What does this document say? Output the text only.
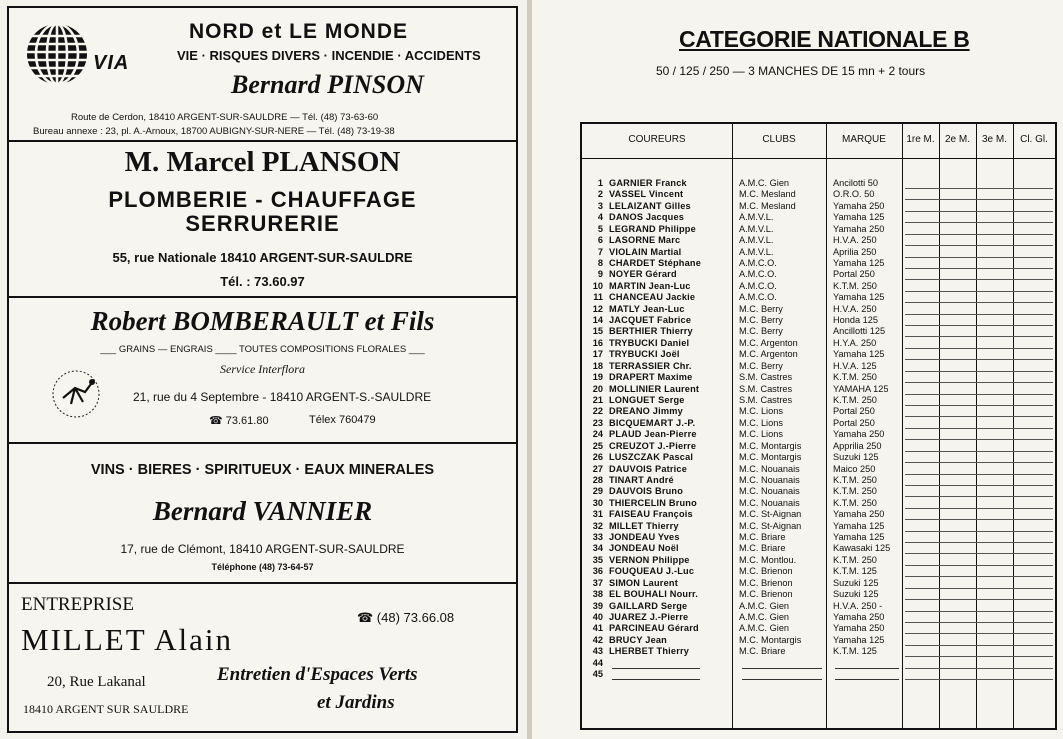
VIA
NORD et LE MONDE
VIE · RISQUES DIVERS · INCENDIE · ACCIDENTS
Bernard PINSON
Route de Cerdon, 18410 ARGENT-SUR-SAULDRE — Tél. (48) 73-63-60
Bureau annexe : 23, pl. A.-Arnoux, 18700 AUBIGNY-SUR-NERE — Tél. (48) 73-19-38
M. Marcel PLANSON
PLOMBERIE - CHAUFFAGE
SERRURERIE
55, rue Nationale 18410 ARGENT-SUR-SAULDRE
Tél. : 73.60.97
Robert BOMBERAULT et Fils
___ GRAINS — ENGRAIS ____ TOUTES COMPOSITIONS FLORALES ___
Service Interflora
21, rue du 4 Septembre - 18410 ARGENT-S.-SAULDRE
☎ 73.61.80	Télex 760479
VINS · BIERES · SPIRITUEUX · EAUX MINERALES
Bernard VANNIER
17, rue de Clémont, 18410 ARGENT-SUR-SAULDRE
Téléphone (48) 73-64-57
ENTREPRISE
☎ (48) 73.66.08
MILLET Alain
Entretien d'Espaces Verts
et Jardins
20, Rue Lakanal
18410 ARGENT SUR SAULDRE
CATEGORIE NATIONALE B
50 / 125 / 250 — 3 MANCHES DE 15 mn + 2 tours
COUREURS	CLUBS	MARQUE	1re M.	2e M.	3e M.	Cl. Gl.
1 GARNIER Franck	A.M.C. Gien	Ancilotti 50
2 VASSEL Vincent	M.C. Mesland	O.R.O. 50
3 LELAIZANT Gilles	M.C. Mesland	Yamaha 250
4 DANOS Jacques	A.M.V.L.	Yamaha 125
5 LEGRAND Philippe	A.M.V.L.	Yamaha 250
6 LASORNE Marc	A.M.V.L.	H.V.A. 250
7 VIOLAIN Martial	A.M.V.L.	Aprilia 250
8 CHARDET Stéphane	A.M.C.O.	Yamaha 125
9 NOYER Gérard	A.M.C.O.	Portal 250
10 MARTIN Jean-Luc	A.M.C.O.	K.T.M. 250
11 CHANCEAU Jackie	A.M.C.O.	Yamaha 125
12 MATLY Jean-Luc	M.C. Berry	H.V.A. 250
14 JACQUET Fabrice	M.C. Berry	Honda 125
15 BERTHIER Thierry	M.C. Berry	Ancillotti 125
16 TRYBUCKI Daniel	M.C. Argenton	H.Y.A. 250
17 TRYBUCKI Joël	M.C. Argenton	Yamaha 125
18 TERRASSIER Chr.	M.C. Berry	H.V.A. 125
19 DRAPERT Maxime	S.M. Castres	K.T.M. 250
20 MOLLINIER Laurent	S.M. Castres	YAMAHA 125
21 LONGUET Serge	S.M. Castres	K.T.M. 250
22 DREANO Jimmy	M.C. Lions	Portal 250
23 BICQUEMART J.-P.	M.C. Lions	Portal 250
24 PLAUD Jean-Pierre	M.C. Lions	Yamaha 250
25 CREUZOT J.-Pierre	M.C. Montargis	Apprilia 250
26 LUSZCZAK Pascal	M.C. Montargis	Suzuki 125
27 DAUVOIS Patrice	M.C. Nouanais	Maico 250
28 TINART André	M.C. Nouanais	K.T.M. 250
29 DAUVOIS Bruno	M.C. Nouanais	K.T.M. 250
30 THIERCELIN Bruno	M.C. Nouanais	K.T.M. 250
31 FAISEAU François	M.C. St-Aignan	Yamaha 250
32 MILLET Thierry	M.C. St-Aignan	Yamaha 125
33 JONDEAU Yves	M.C. Briare	Yamaha 125
34 JONDEAU Noël	M.C. Briare	Kawasaki 125
35 VERNON Philippe	M.C. Montlou.	K.T.M. 250
36 FOUQUEAU J.-Luc	M.C. Brienon	K.T.M. 125
37 SIMON Laurent	M.C. Brienon	Suzuki 125
38 EL BOUHALI Nourr.	M.C. Brienon	Suzuki 125
39 GAILLARD Serge	A.M.C. Gien	H.V.A. 250 -
40 JUAREZ J.-Pierre	A.M.C. Gien	Yamaha 250
41 PARCINEAU Gérard	A.M.C. Gien	Yamaha 250
42 BRUCY Jean	M.C. Montargis	Yamaha 125
43 LHERBET Thierry	M.C. Briare	K.T.M. 125
44
45
